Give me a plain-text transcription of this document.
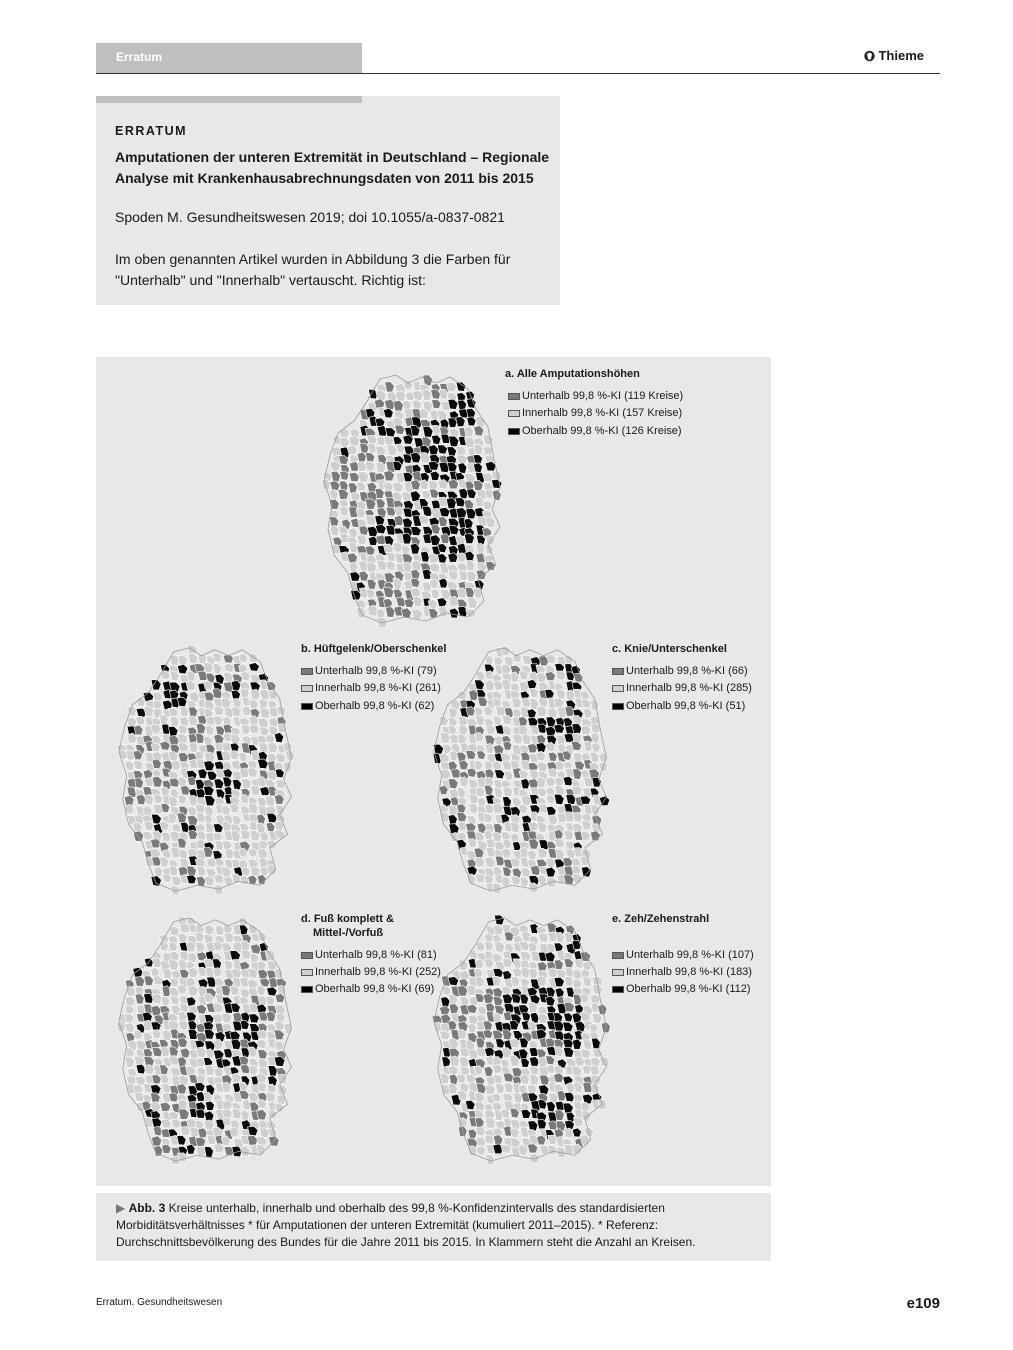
Erratum	Thieme
ERRATUM
Amputationen der unteren Extremität in Deutschland – Regionale Analyse mit Krankenhausabrechnungsdaten von 2011 bis 2015
Spoden M. Gesundheitswesen 2019; doi 10.1055/a-0837-0821
Im oben genannten Artikel wurden in Abbildung 3 die Farben für "Unterhalb" und "Innerhalb" vertauscht. Richtig ist:
a. Alle Amputationshöhen
Unterhalb 99,8 %-KI (119 Kreise)
Innerhalb 99,8 %-KI (157 Kreise)
Oberhalb 99,8 %-KI (126 Kreise)
b. Hüftgelenk/Oberschenkel
Unterhalb 99,8 %-KI (79)
Innerhalb 99,8 %-KI (261)
Oberhalb 99,8 %-KI (62)
c. Knie/Unterschenkel
Unterhalb 99,8 %-KI (66)
Innerhalb 99,8 %-KI (285)
Oberhalb 99,8 %-KI (51)
d. Fuß komplett &
Mittel-/Vorfuß
Unterhalb 99,8 %-KI (81)
Innerhalb 99,8 %-KI (252)
Oberhalb 99,8 %-KI (69)
e. Zeh/Zehenstrahl
Unterhalb 99,8 %-KI (107)
Innerhalb 99,8 %-KI (183)
Oberhalb 99,8 %-KI (112)
▶ Abb. 3 Kreise unterhalb, innerhalb und oberhalb des 99,8 %-Konfidenzintervalls des standardisierten Morbiditätsverhältnisses * für Amputationen der unteren Extremität (kumuliert 2011–2015). * Referenz: Durchschnittsbevölkerung des Bundes für die Jahre 2011 bis 2015. In Klammern steht die Anzahl an Kreisen.
Erratum. Gesundheitswesen	e109
